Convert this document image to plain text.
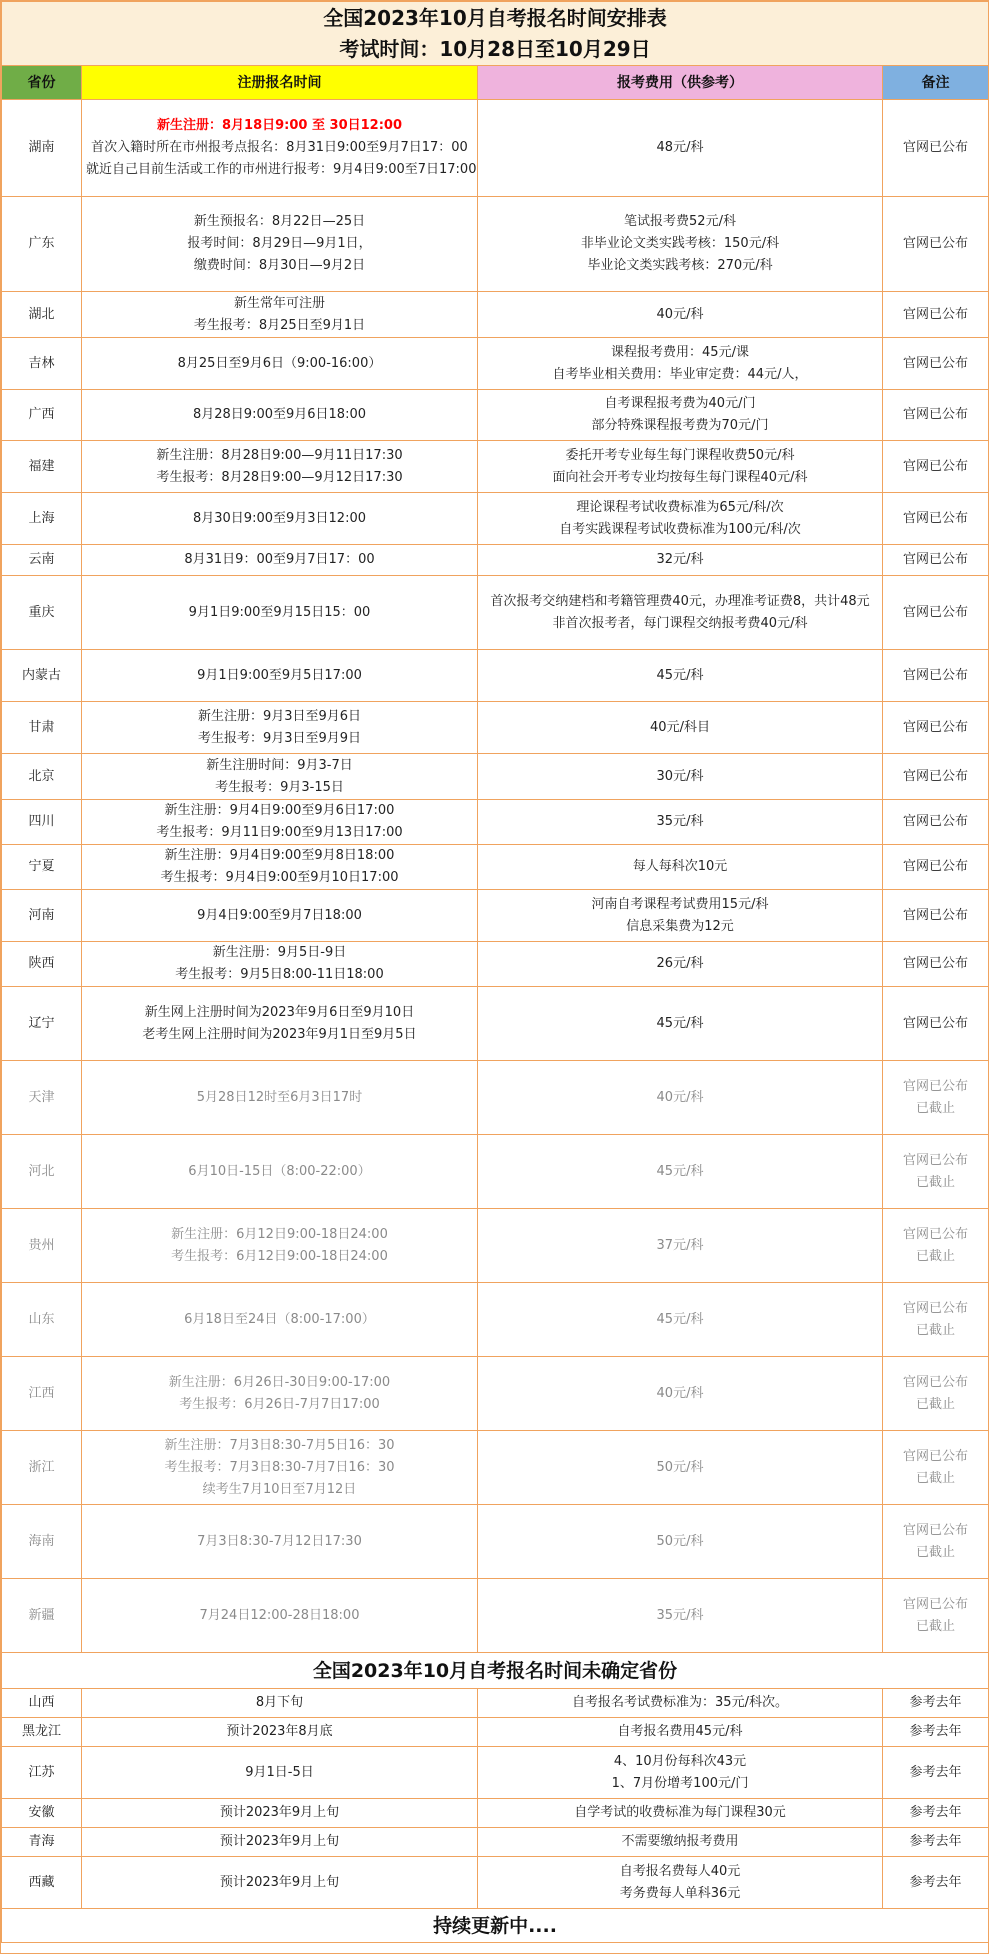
全国2023年10月自考报名时间安排表
考试时间：10月28日至10月29日			

省份	注册报名时间	报考费用（供参考）	备注
湖南	新生注册：8月18日9:00 至 30日12:00
首次入籍时所在市州报考点报名：8月31日9:00至9月7日17：00
就近自己目前生活或工作的市州进行报考：9月4日9:00至7日17:00	48元/科	官网已公布

广东	新生预报名：8月22日—25日
报考时间：8月29日—9月1日，
缴费时间：8月30日—9月2日	笔试报考费52元/科
非毕业论文类实践考核：150元/科
毕业论文类实践考核：270元/科	官网已公布

湖北	新生常年可注册
考生报考：8月25日至9月1日	40元/科	官网已公布

吉林	8月25日至9月6日（9:00-16:00）	课程报考费用：45元/课
自考毕业相关费用：毕业审定费：44元/人，	官网已公布

广西	8月28日9:00至9月6日18:00	自考课程报考费为40元/门
部分特殊课程报考费为70元/门	官网已公布

福建	新生注册：8月28日9:00—9月11日17:30
考生报考：8月28日9:00—9月12日17:30	委托开考专业每生每门课程收费50元/科
面向社会开考专业均按每生每门课程40元/科	官网已公布

上海	8月30日9:00至9月3日12:00	理论课程考试收费标准为65元/科/次
自考实践课程考试收费标准为100元/科/次	官网已公布

云南	8月31日9：00至9月7日17：00	32元/科	官网已公布

重庆	9月1日9:00至9月15日15：00	首次报考交纳建档和考籍管理费40元，办理准考证费8，共计48元
非首次报考者，每门课程交纳报考费40元/科	官网已公布

内蒙古	9月1日9:00至9月5日17:00	45元/科	官网已公布

甘肃	新生注册：9月3日至9月6日
考生报考：9月3日至9月9日	40元/科目	官网已公布

北京	新生注册时间：9月3-7日
考生报考：9月3-15日	30元/科	官网已公布

四川	新生注册：9月4日9:00至9月6日17:00
考生报考：9月11日9:00至9月13日17:00	35元/科	官网已公布

宁夏	新生注册：9月4日9:00至9月8日18:00
考生报考：9月4日9:00至9月10日17:00	每人每科次10元	官网已公布

河南	9月4日9:00至9月7日18:00	河南自考课程考试费用15元/科
信息采集费为12元	官网已公布

陕西	新生注册：9月5日-9日
考生报考：9月5日8:00-11日18:00	26元/科	官网已公布

辽宁	新生网上注册时间为2023年9月6日至9月10日
老考生网上注册时间为2023年9月1日至9月5日	45元/科	官网已公布

天津	5月28日12时至6月3日17时	40元/科	官网已公布
已截止

河北	6月10日-15日（8:00-22:00）	45元/科	官网已公布
已截止

贵州	新生注册：6月12日9:00-18日24:00
考生报考：6月12日9:00-18日24:00	37元/科	官网已公布
已截止

山东	6月18日至24日（8:00-17:00）	45元/科	官网已公布
已截止

江西	新生注册：6月26日-30日9:00-17:00
考生报考：6月26日-7月7日17:00	40元/科	官网已公布
已截止

浙江	新生注册：7月3日8:30-7月5日16：30
考生报考：7月3日8:30-7月7日16：30
续考生7月10日至7月12日	50元/科	官网已公布
已截止

海南	7月3日8:30-7月12日17:30	50元/科	官网已公布
已截止

新疆	7月24日12:00-28日18:00	35元/科	官网已公布
已截止

全国2023年10月自考报名时间未确定省份			
山西	8月下旬	自考报名考试费标准为：35元/科次。	参考去年

黑龙江	预计2023年8月底	自考报名费用45元/科	参考去年

江苏	9月1日-5日	4、10月份每科次43元
1、7月份增考100元/门	参考去年

安徽	预计2023年9月上旬	自学考试的收费标准为每门课程30元	参考去年

青海	预计2023年9月上旬	不需要缴纳报考费用	参考去年

西藏	预计2023年9月上旬	自考报名费每人40元
考务费每人单科36元	参考去年

持续更新中....			
